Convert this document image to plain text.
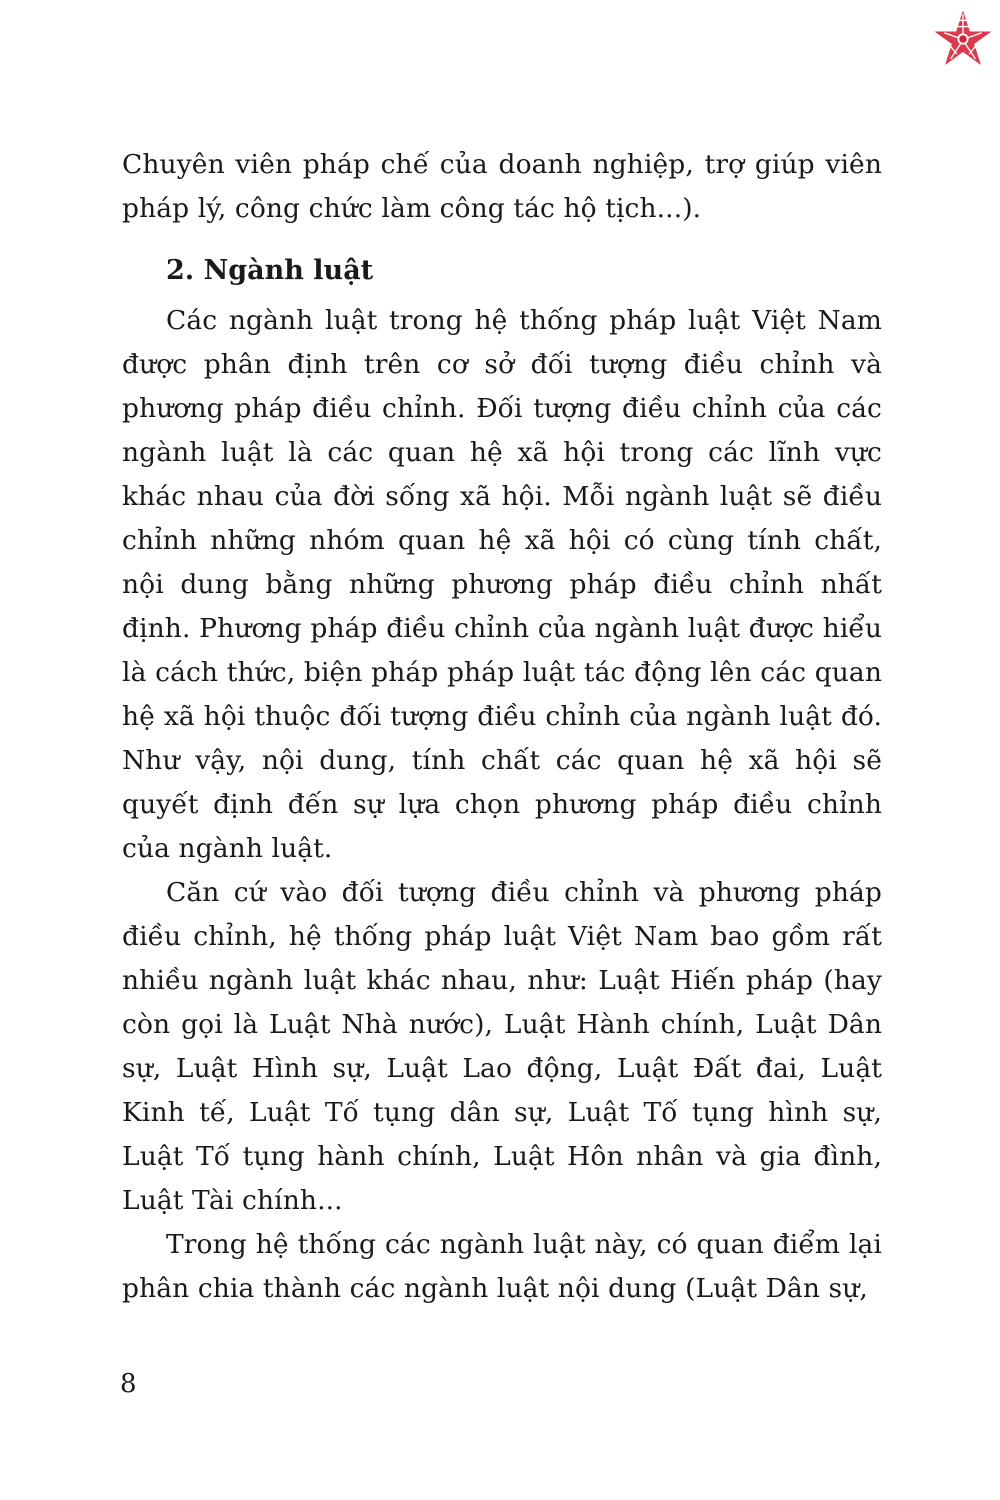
Chuyên viên pháp chế của doanh nghiệp, trợ giúp viên pháp lý, công chức làm công tác hộ tịch...).

2. Ngành luật

Các ngành luật trong hệ thống pháp luật Việt Nam được phân định trên cơ sở đối tượng điều chỉnh và phương pháp điều chỉnh. Đối tượng điều chỉnh của các ngành luật là các quan hệ xã hội trong các lĩnh vực khác nhau của đời sống xã hội. Mỗi ngành luật sẽ điều chỉnh những nhóm quan hệ xã hội có cùng tính chất, nội dung bằng những phương pháp điều chỉnh nhất định. Phương pháp điều chỉnh của ngành luật được hiểu là cách thức, biện pháp pháp luật tác động lên các quan hệ xã hội thuộc đối tượng điều chỉnh của ngành luật đó. Như vậy, nội dung, tính chất các quan hệ xã hội sẽ quyết định đến sự lựa chọn phương pháp điều chỉnh của ngành luật.

Căn cứ vào đối tượng điều chỉnh và phương pháp điều chỉnh, hệ thống pháp luật Việt Nam bao gồm rất nhiều ngành luật khác nhau, như: Luật Hiến pháp (hay còn gọi là Luật Nhà nước), Luật Hành chính, Luật Dân sự, Luật Hình sự, Luật Lao động, Luật Đất đai, Luật Kinh tế, Luật Tố tụng dân sự, Luật Tố tụng hình sự, Luật Tố tụng hành chính, Luật Hôn nhân và gia đình, Luật Tài chính...

Trong hệ thống các ngành luật này, có quan điểm lại phân chia thành các ngành luật nội dung (Luật Dân sự,

8
